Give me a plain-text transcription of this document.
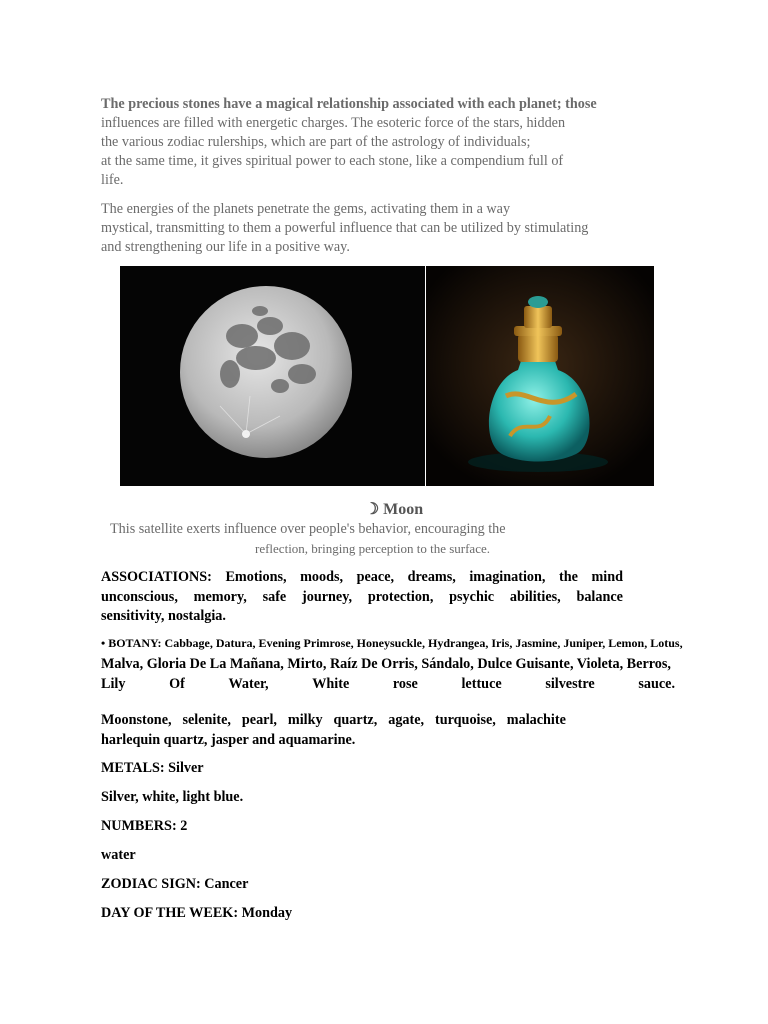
The precious stones have a magical relationship associated with each planet; those
influences are filled with energetic charges. The esoteric force of the stars, hidden
the various zodiac rulerships, which are part of the astrology of individuals;
at the same time, it gives spiritual power to each stone, like a compendium full of
life.
The energies of the planets penetrate the gems, activating them in a way
mystical, transmitting to them a powerful influence that can be utilized by stimulating
and strengthening our life in a positive way.
☽ Moon
This satellite exerts influence over people's behavior, encouraging the
reflection, bringing perception to the surface.
ASSOCIATIONS: Emotions, moods, peace, dreams, imagination, the mind
unconscious, memory, safe journey, protection, psychic abilities, balance
sensitivity, nostalgia.
• BOTANY: Cabbage, Datura, Evening Primrose, Honeysuckle, Hydrangea, Iris, Jasmine, Juniper, Lemon, Lotus,
Malva, Gloria De La Mañana, Mirto, Raíz De Orris, Sándalo, Dulce Guisante, Violeta, Berros,
Lily	Of	Water,	White	rose	lettuce	silvestre	sauce.
Moonstone, selenite, pearl, milky quartz, agate, turquoise, malachite
harlequin quartz, jasper and aquamarine.
METALS: Silver
Silver, white, light blue.
NUMBERS: 2
water
ZODIAC SIGN: Cancer
DAY OF THE WEEK: Monday
